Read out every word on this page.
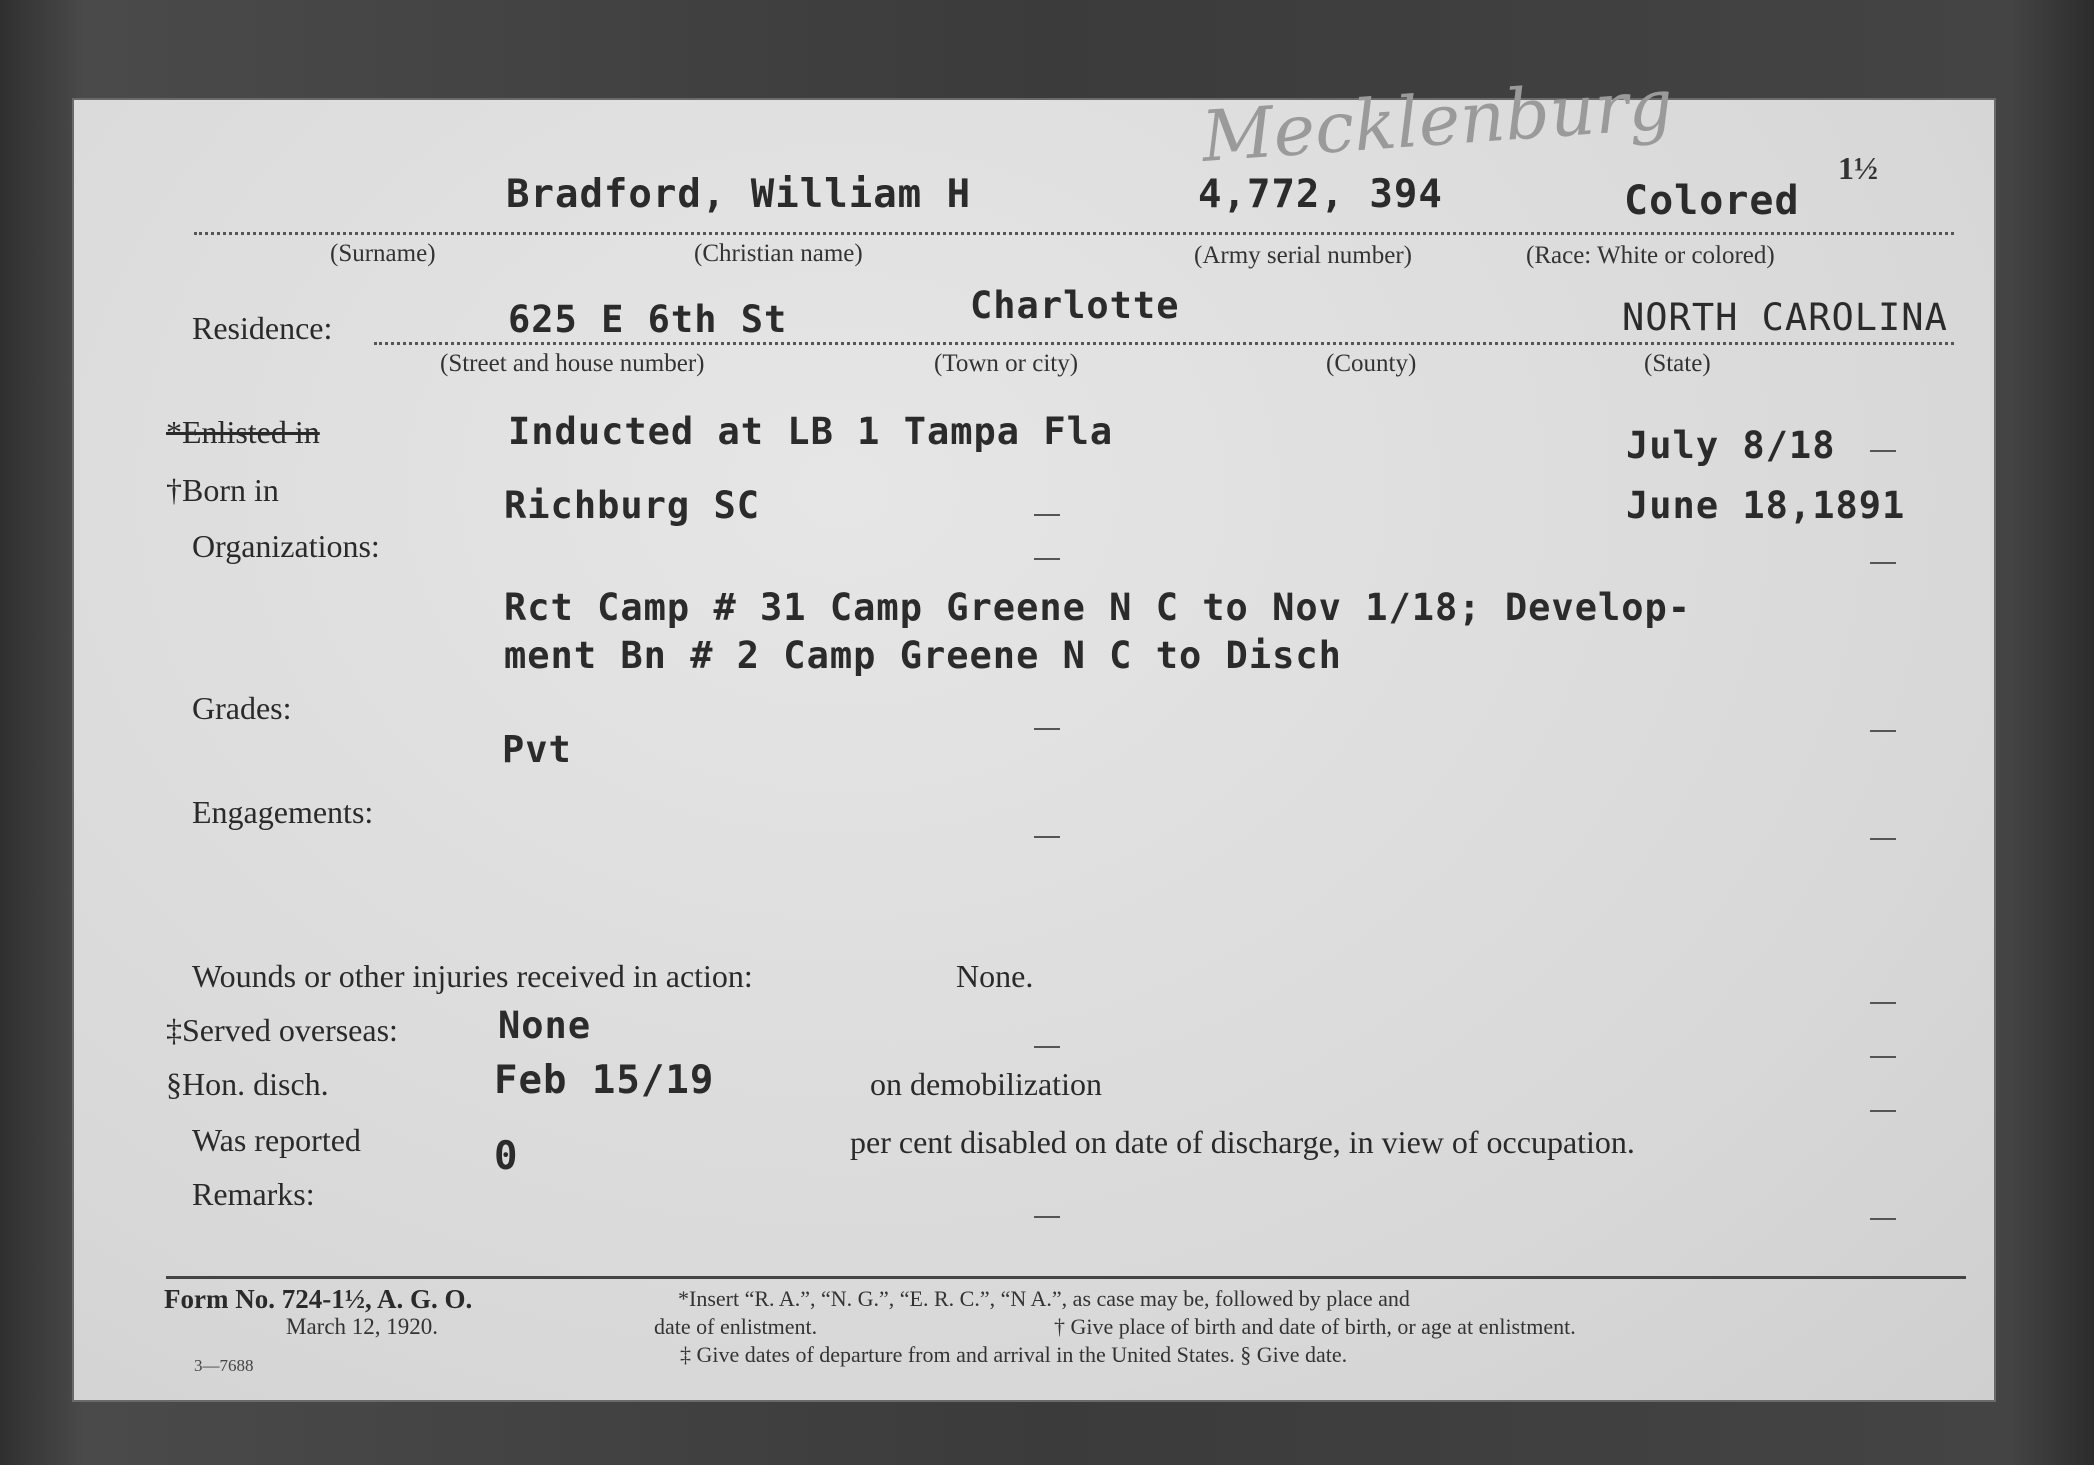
Mecklenburg	1½
Bradford, William H	4,772, 394	Colored
(Surname)	(Christian name)	(Army serial number)	(Race: White or colored)
Residence:	625 E 6th St	Charlotte	NORTH CAROLINA
(Street and house number)	(Town or city)	(County)	(State)
*Enlisted in	Inducted at LB 1 Tampa Fla	July 8/18
†Born in	Richburg SC	June 18,1891
Organizations:
Rct Camp # 31 Camp Greene N C to Nov 1/18; Develop-
ment Bn # 2 Camp Greene N C to Disch
Grades:
Pvt
Engagements:
Wounds or other injuries received in action:	None.
‡Served overseas:	None
§Hon. disch.	Feb 15/19	on demobilization
Was reported	0	per cent disabled on date of discharge, in view of occupation.
Remarks:
Form No. 724-1½, A. G. O.
March 12, 1920.
3—7688
*Insert “R. A.”, “N. G.”, “E. R. C.”, “N A.”, as case may be, followed by place and
date of enlistment.	† Give place of birth and date of birth, or age at enlistment.
‡ Give dates of departure from and arrival in the United States. § Give date.
